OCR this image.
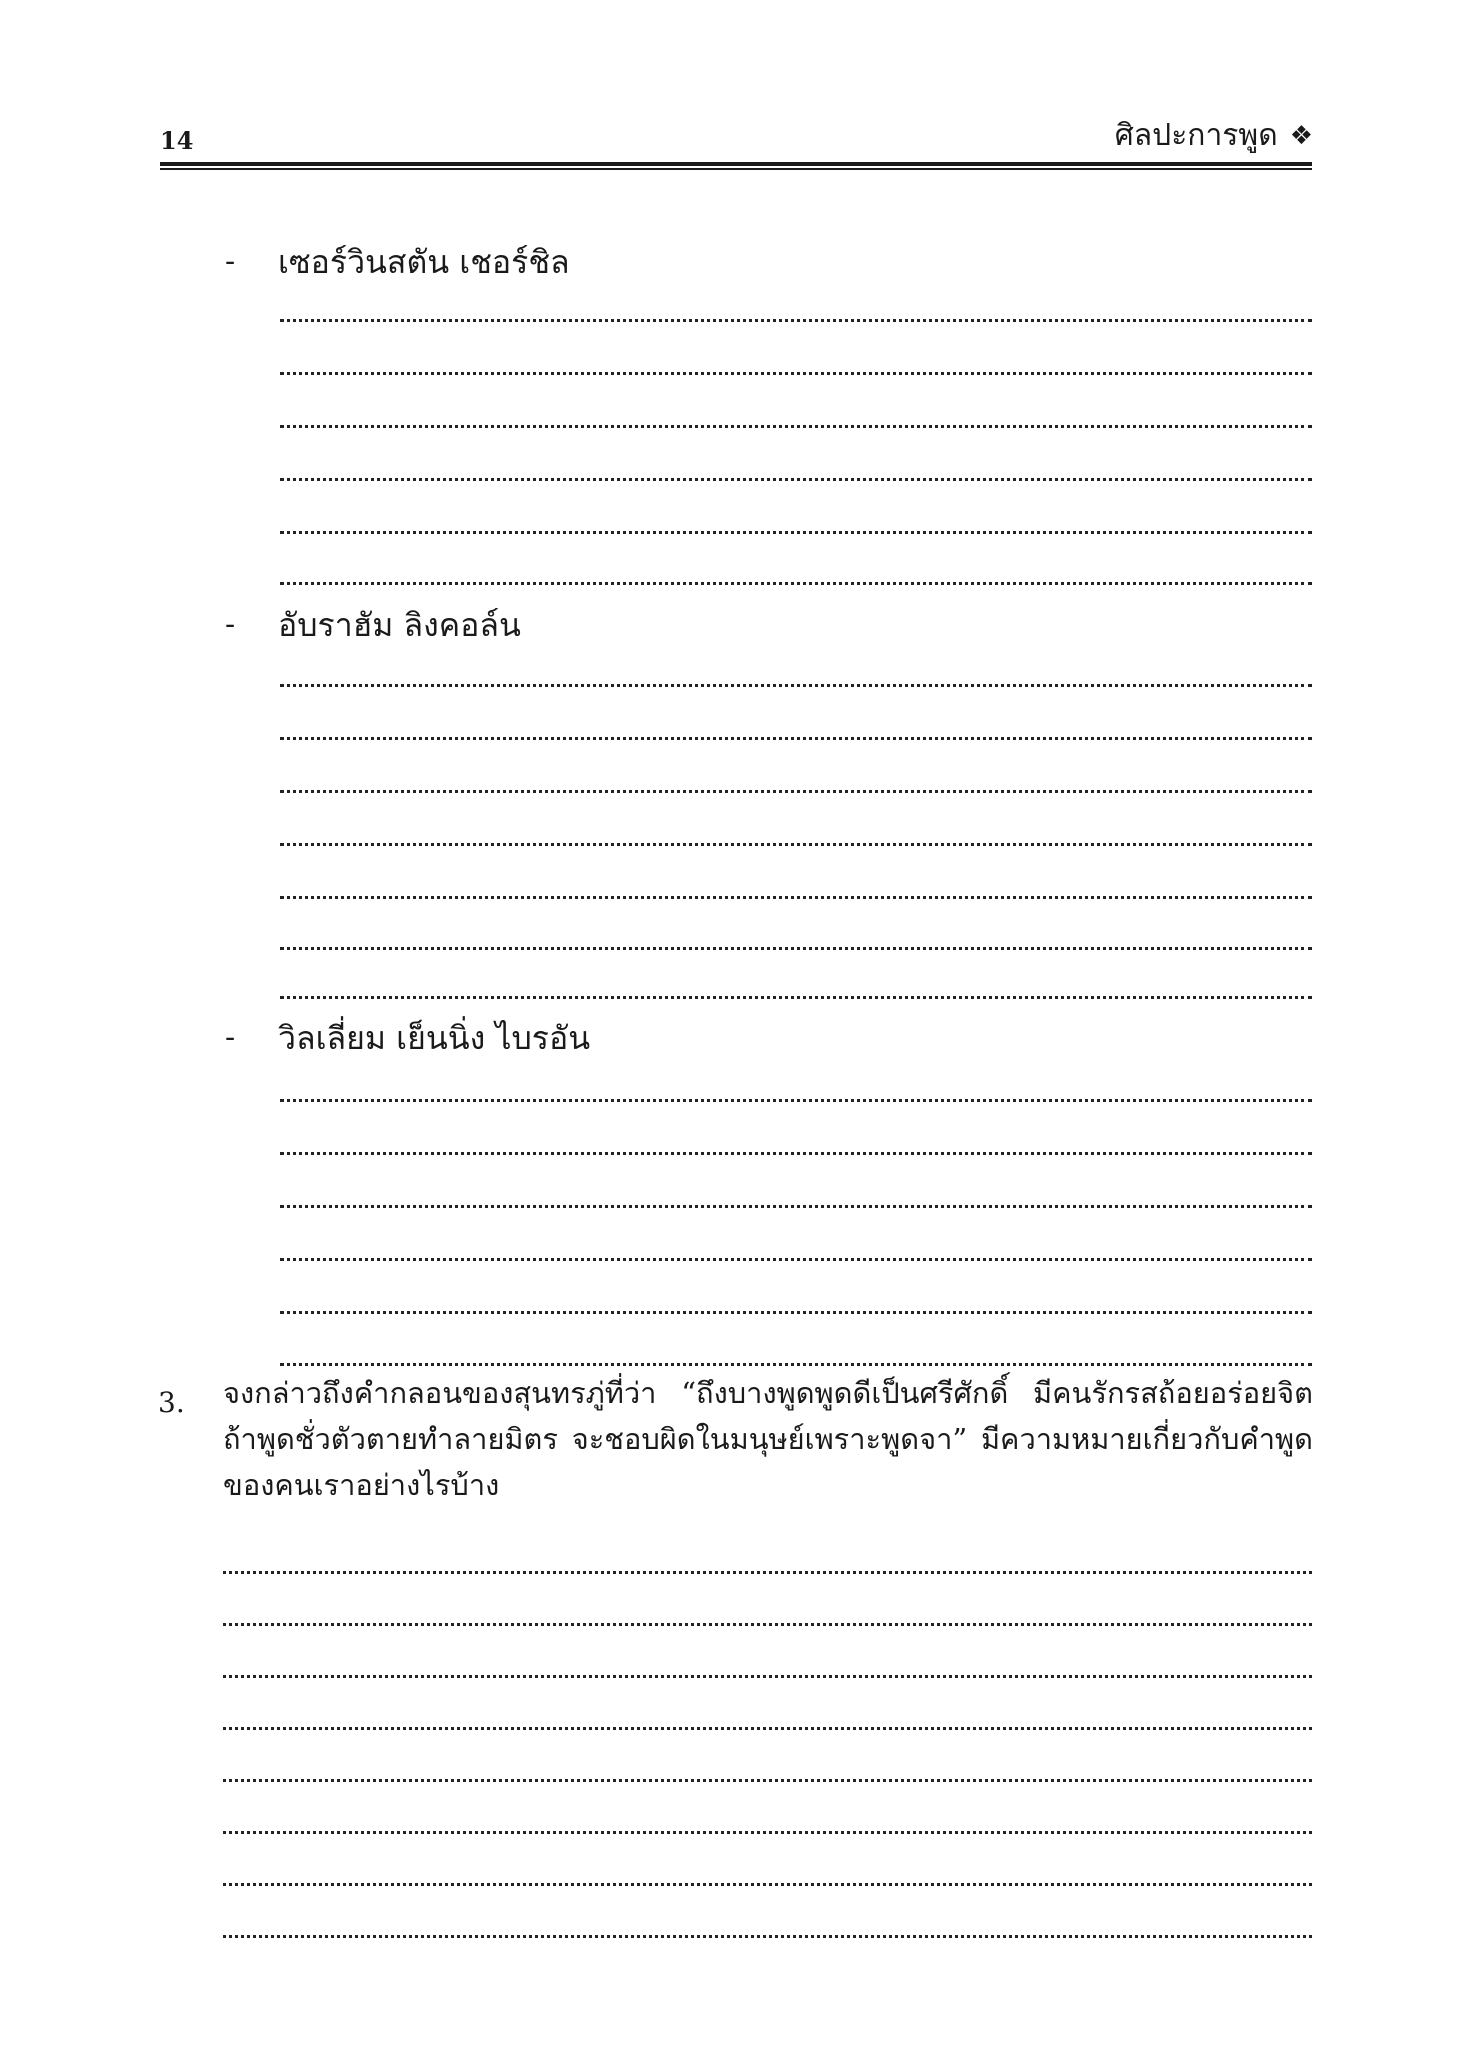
14	ศิลปะการพูด ❖
-	เซอร์วินสตัน เชอร์ชิล
-	อับราฮัม ลิงคอล์น
-	วิลเลี่ยม เย็นนิ่ง ไบรอัน
3. จงกล่าวถึงคำกลอนของสุนทรภู่ที่ว่า “ถึงบางพูดพูดดีเป็นศรีศักดิ์ มีคนรักรสถ้อยอร่อยจิต
ถ้าพูดชั่วตัวตายทำลายมิตร จะชอบผิดในมนุษย์เพราะพูดจา” มีความหมายเกี่ยวกับคำพูด
ของคนเราอย่างไรบ้าง
